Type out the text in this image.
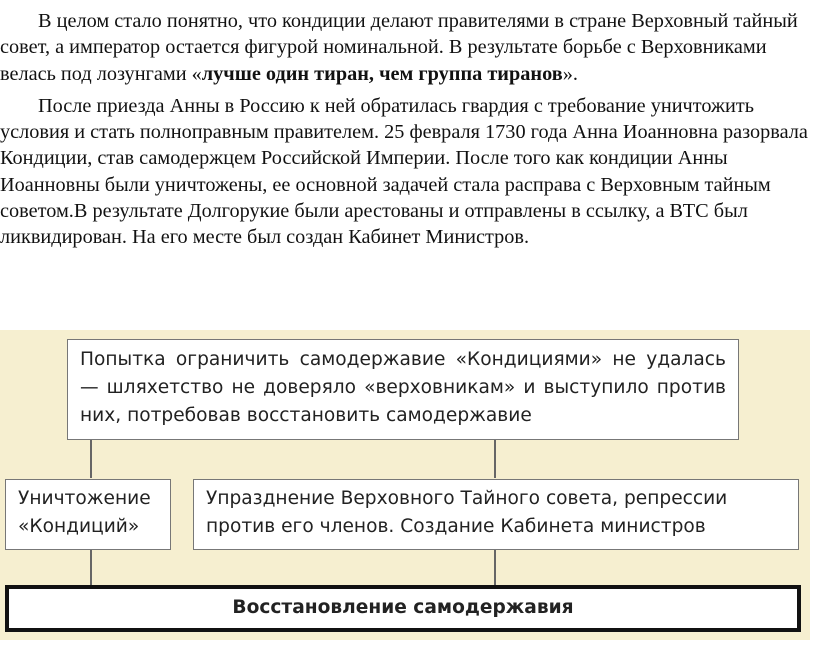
В целом стало понятно, что кондиции делают правителями в стране Верховный тайный совет, а император остается фигурой номинальной. В результате борьбе с Верховниками велась под лозунгами «лучше один тиран, чем группа тиранов».

После приезда Анны в Россию к ней обратилась гвардия с требование уничтожить условия и стать полноправным правителем. 25 февраля 1730 года Анна Иоанновна разорвала Кондиции, став самодержцем Российской Империи. После того как кондиции Анны Иоанновны были уничтожены, ее основной задачей стала расправа с Верховным тайным советом.В результате Долгорукие были арестованы и отправлены в ссылку, а ВТС был ликвидирован. На его месте был создан Кабинет Министров.

Попытка ограничить самодержавие «Кондициями» не удалась — шляхетство не доверяло «верховникам» и выступило против них, потребовав восстановить самодержавие
Уничтожение «Кондиций»
Упразднение Верховного Тайного совета, репрессии против его членов. Создание Кабинета министров
Восстановление самодержавия
